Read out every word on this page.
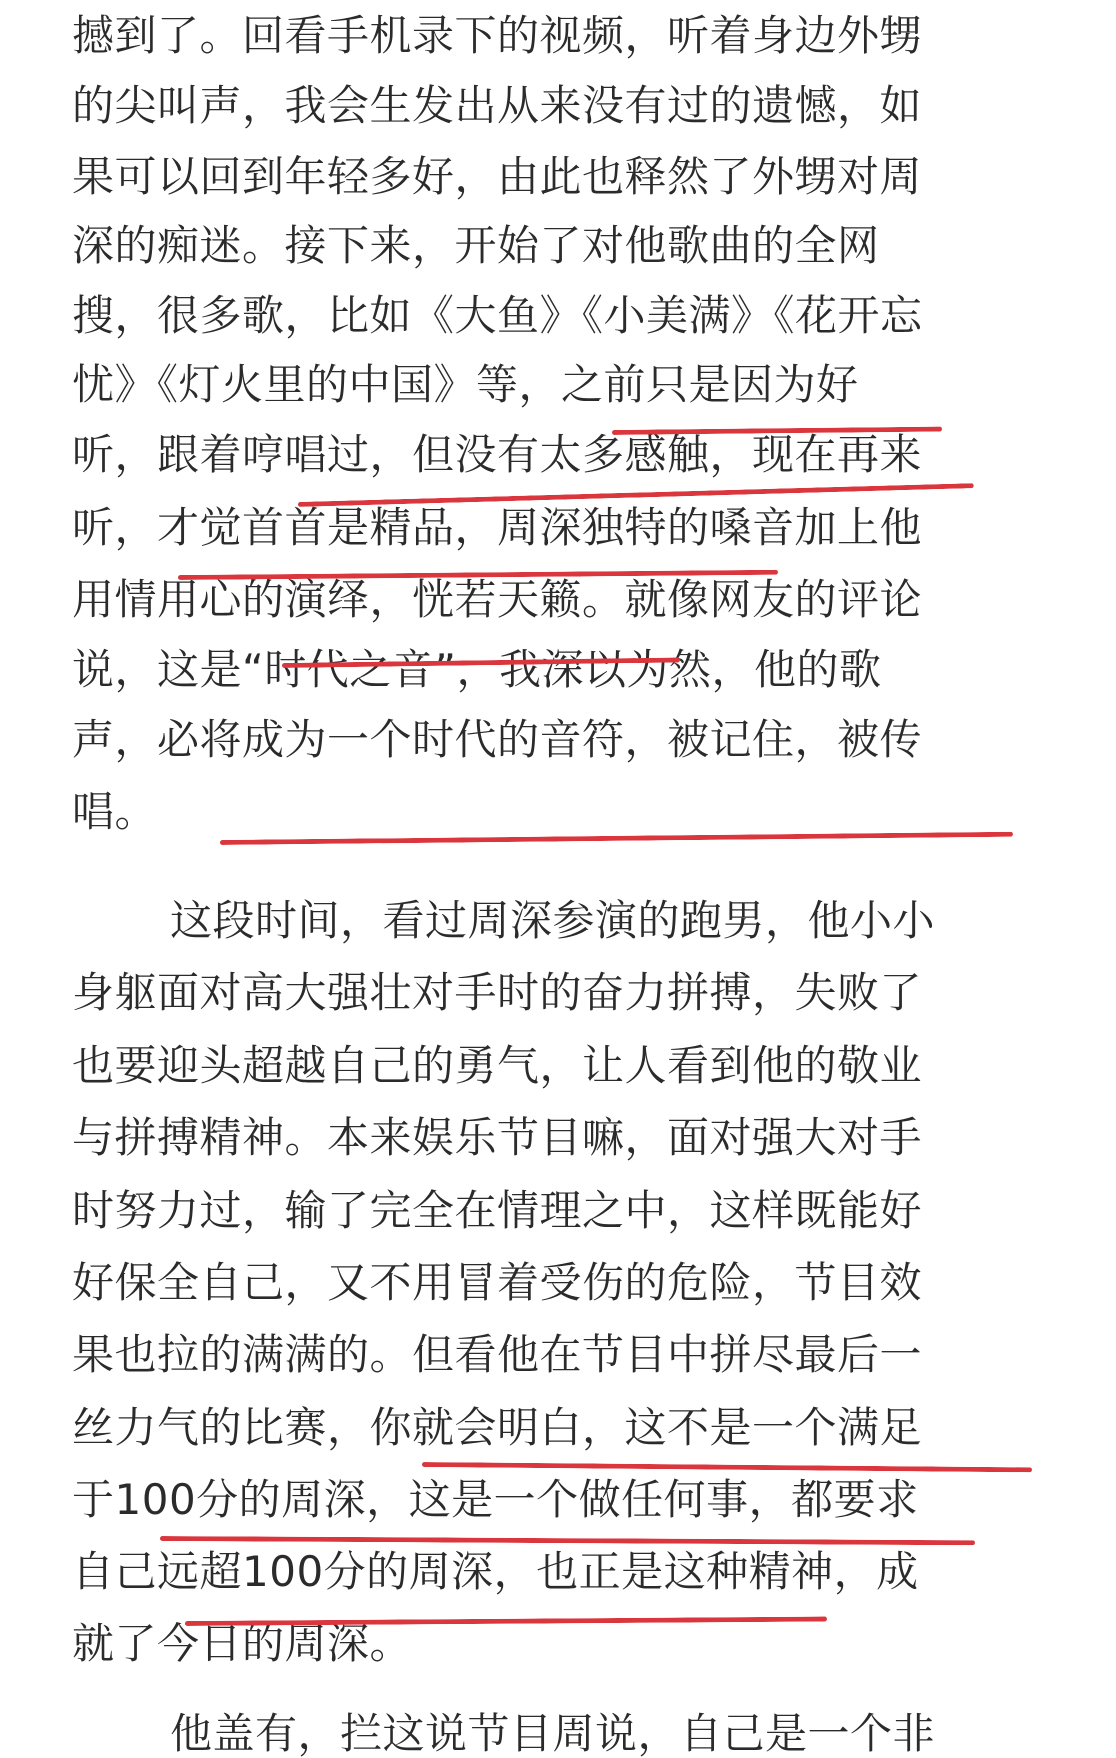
撼到了。回看手机录下的视频，听着身边外甥
的尖叫声，我会生发出从来没有过的遗憾，如
果可以回到年轻多好，由此也释然了外甥对周
深的痴迷。接下来，开始了对他歌曲的全网
搜，很多歌，比如《大鱼》《小美满》《花开忘
忧》《灯火里的中国》等，之前只是因为好
听，跟着哼唱过，但没有太多感触，现在再来
听，才觉首首是精品，周深独特的嗓音加上他
用情用心的演绎，恍若天籁。就像网友的评论
说，这是“时代之音”，我深以为然，他的歌
声，必将成为一个时代的音符，被记住，被传
唱。
这段时间，看过周深参演的跑男，他小小
身躯面对高大强壮对手时的奋力拼搏，失败了
也要迎头超越自己的勇气，让人看到他的敬业
与拼搏精神。本来娱乐节目嘛，面对强大对手
时努力过，输了完全在情理之中，这样既能好
好保全自己，又不用冒着受伤的危险，节目效
果也拉的满满的。但看他在节目中拼尽最后一
丝力气的比赛，你就会明白，这不是一个满足
于100分的周深，这是一个做任何事，都要求
自己远超100分的周深，也正是这种精神，成
就了今日的周深。
他盖有，拦这说节目周说，自己是一个非
